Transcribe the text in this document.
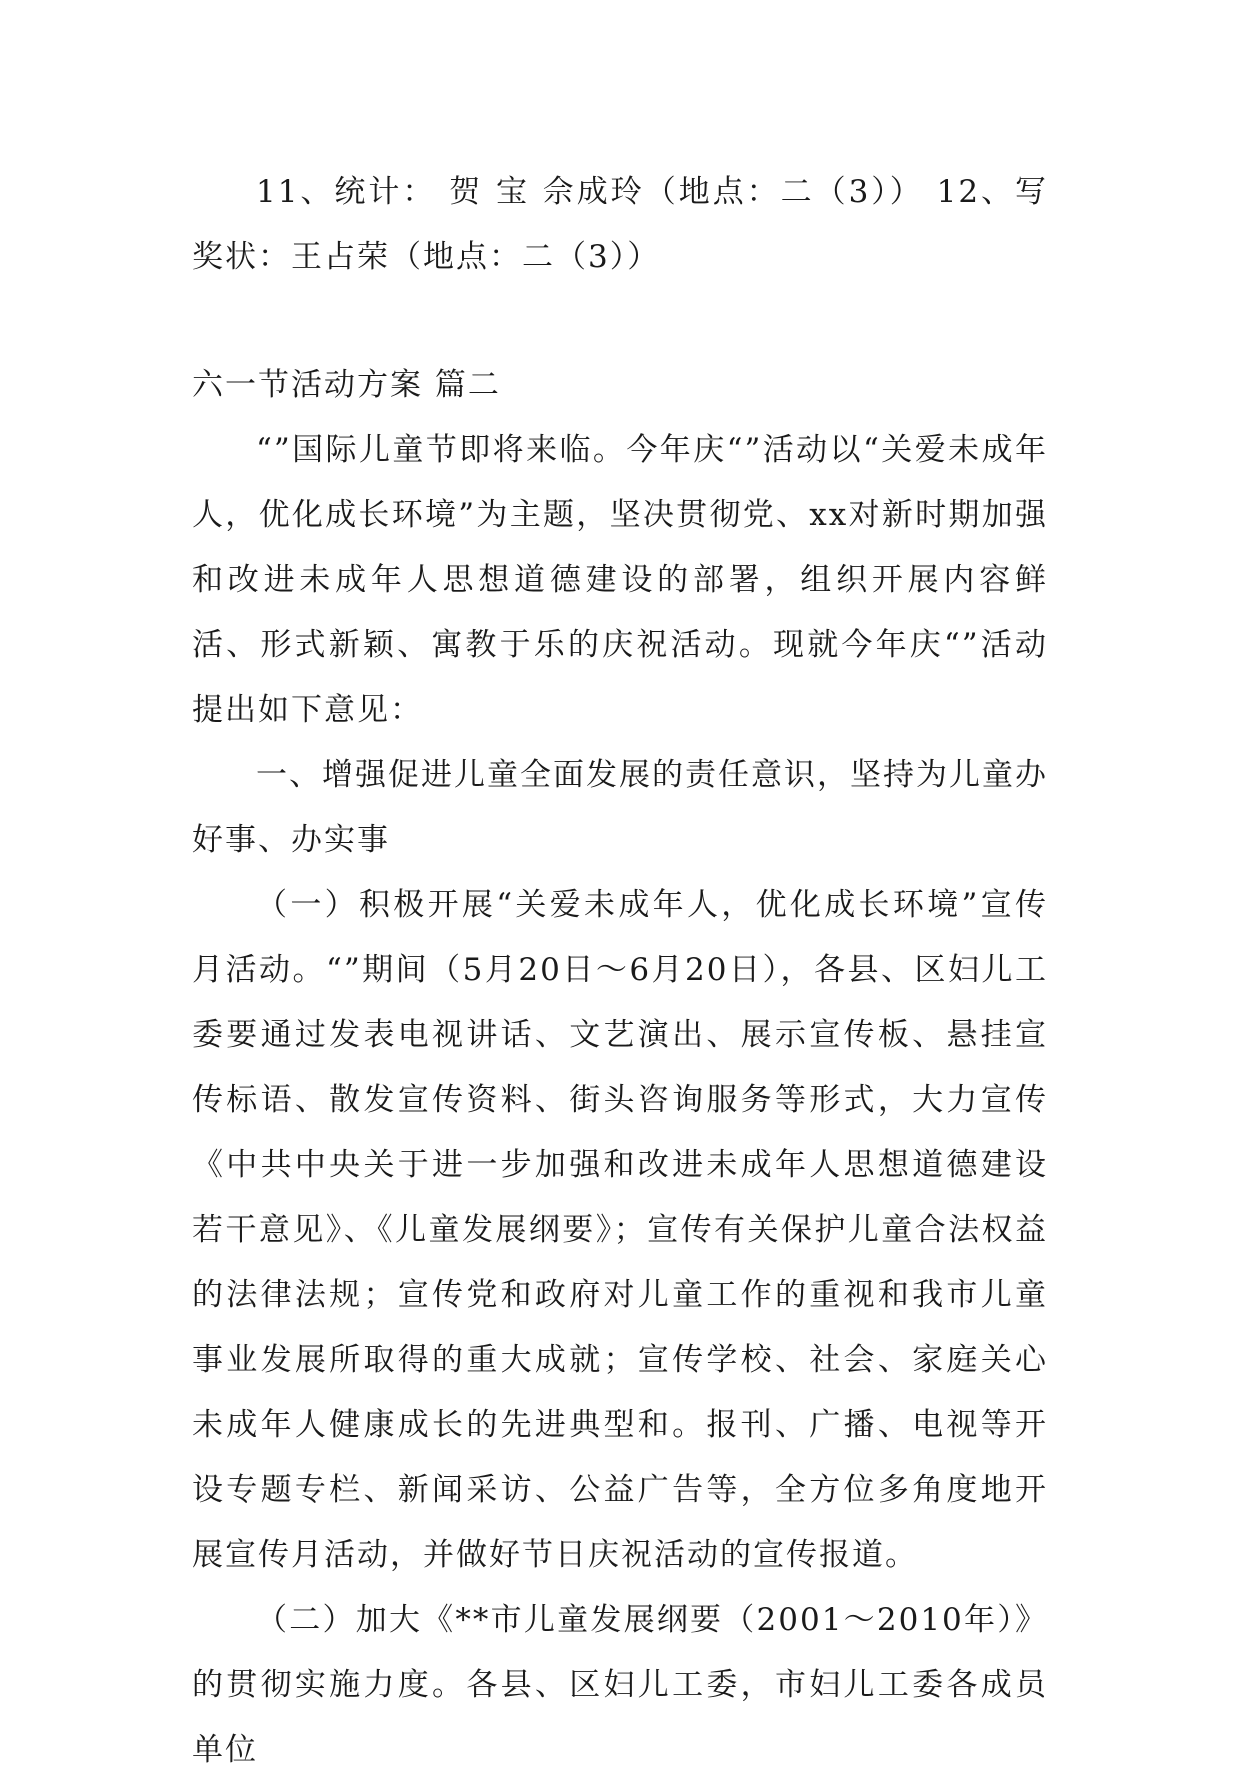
11、统计： 贺 宝 佘成玲（地点：二（3）） 12、写奖状：王占荣（地点：二（3））

六一节活动方案 篇二

“”国际儿童节即将来临。今年庆“”活动以“关爱未成年人，优化成长环境”为主题，坚决贯彻党、xx对新时期加强和改进未成年人思想道德建设的部署，组织开展内容鲜活、形式新颖、寓教于乐的庆祝活动。现就今年庆“”活动提出如下意见：

一、增强促进儿童全面发展的责任意识，坚持为儿童办好事、办实事

（一）积极开展“关爱未成年人，优化成长环境”宣传月活动。“”期间（5月20日～6月20日），各县、区妇儿工委要通过发表电视讲话、文艺演出、展示宣传板、悬挂宣传标语、散发宣传资料、街头咨询服务等形式，大力宣传《中共中央关于进一步加强和改进未成年人思想道德建设若干意见》、《儿童发展纲要》；宣传有关保护儿童合法权益的法律法规；宣传党和政府对儿童工作的重视和我市儿童事业发展所取得的重大成就；宣传学校、社会、家庭关心未成年人健康成长的先进典型和。报刊、广播、电视等开设专题专栏、新闻采访、公益广告等，全方位多角度地开展宣传月活动，并做好节日庆祝活动的宣传报道。

（二）加大《**市儿童发展纲要（2001～2010年）》的贯彻实施力度。各县、区妇儿工委，市妇儿工委各成员单位
